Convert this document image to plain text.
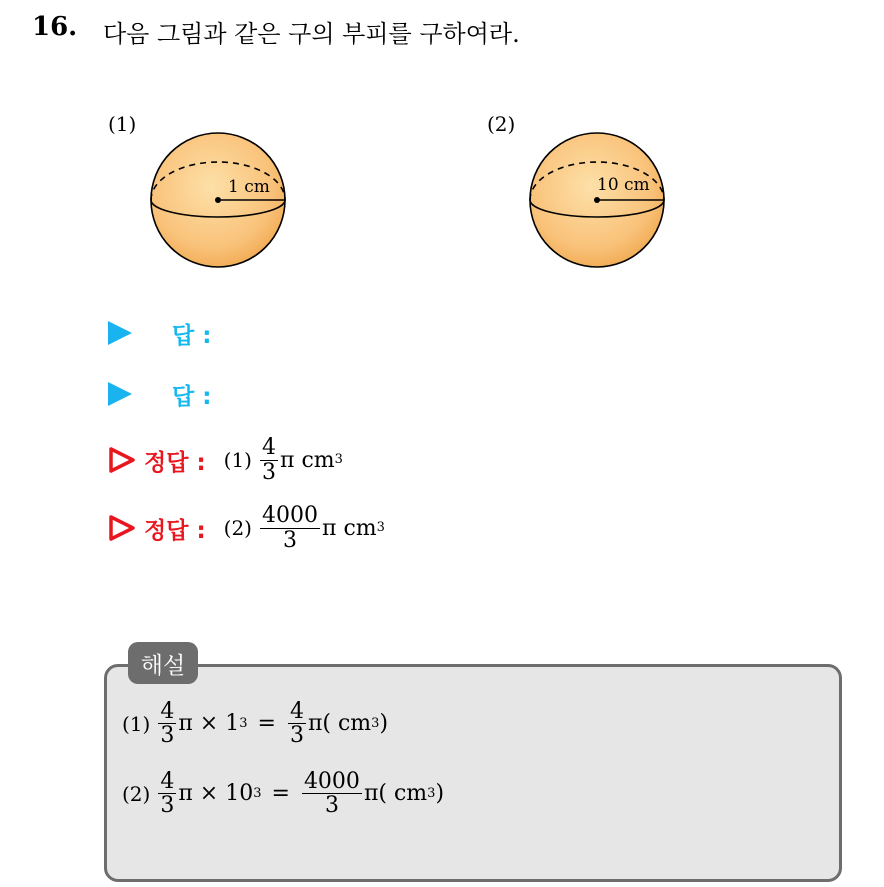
16. 다음 그림과 같은 구의 부피를 구하여라.
(1)
1 cm
(2)
10 cm
답 :
답 :
정답 : $(1) \frac{4}{3}$ π cm 3
정답 : $(2) \frac{4000}{3}$ π cm 3
해설
$(1) \frac{4}{3}$ π × 1 $3 = \frac{4}{3} \pi$( cm 3 )
$(2) \frac{4}{3}$ π × 10 $3 = \frac{4000}{3} \pi$( cm 3 )
